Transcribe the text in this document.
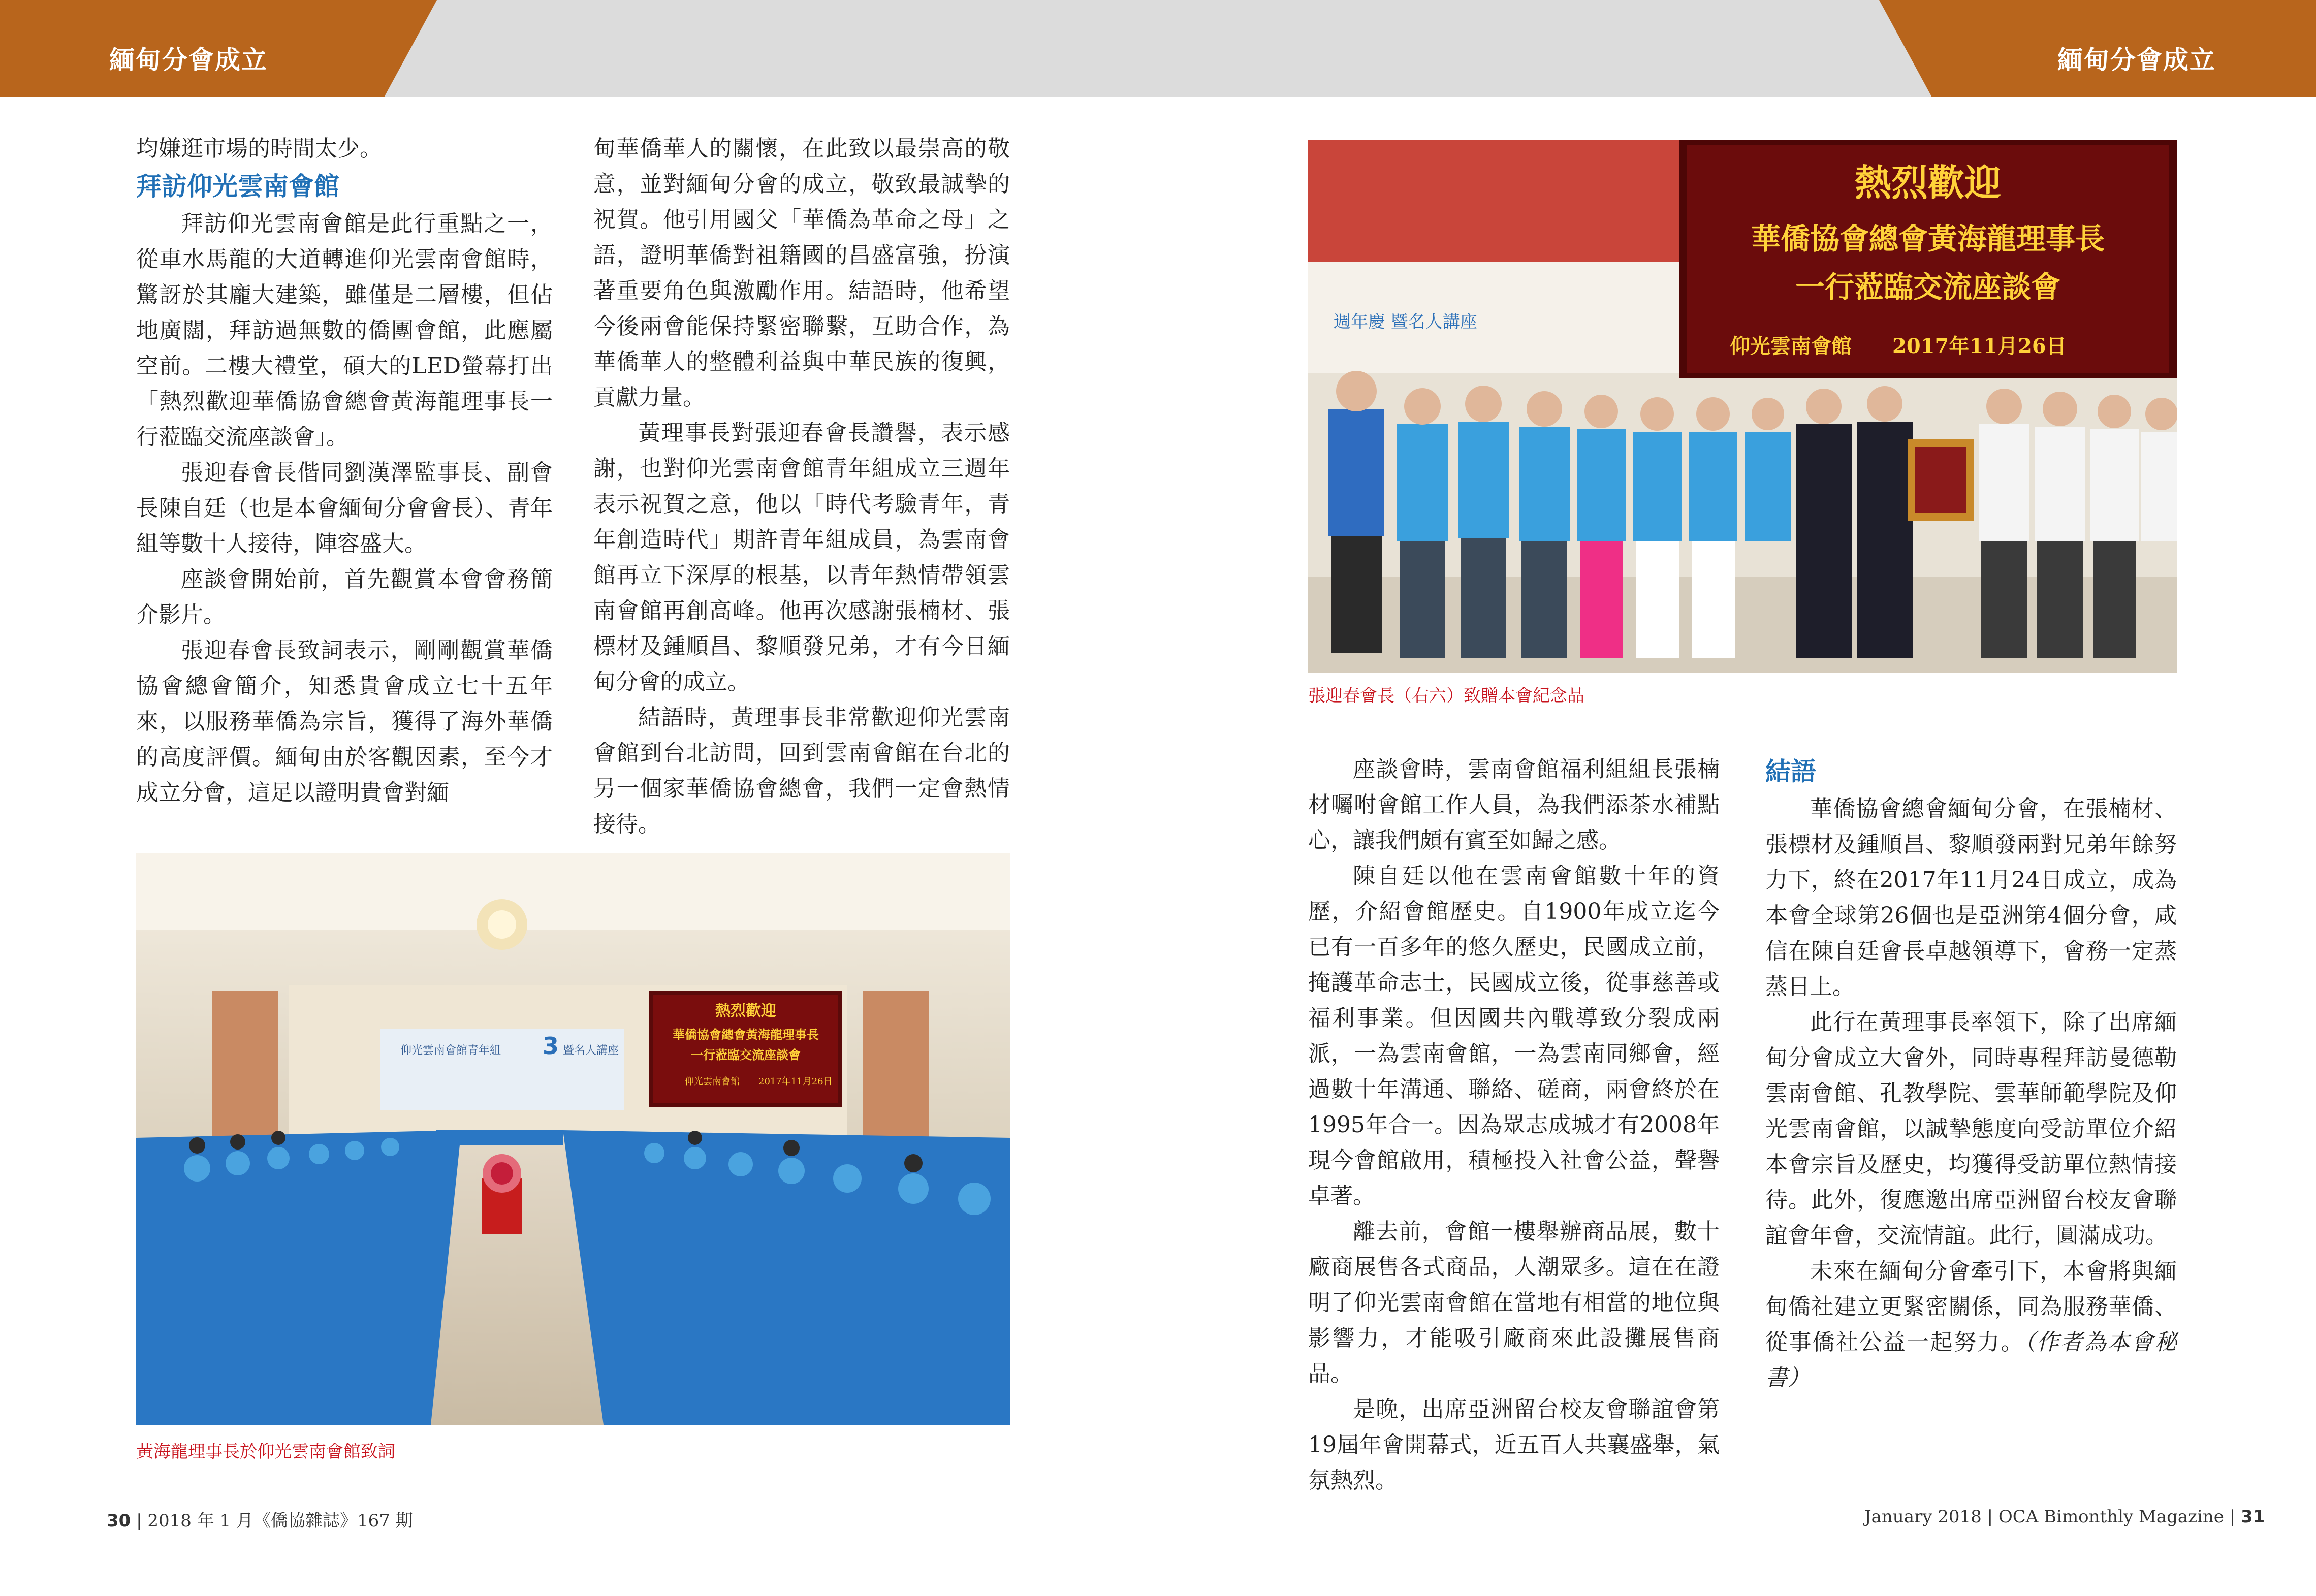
緬甸分會成立	緬甸分會成立

均嫌逛市場的時間太少。

拜訪仰光雲南會館

拜訪仰光雲南會館是此行重點之一，從車水馬龍的大道轉進仰光雲南會館時，驚訝於其龐大建築，雖僅是二層樓，但佔地廣闊，拜訪過無數的僑團會館，此應屬空前。二樓大禮堂，碩大的LED螢幕打出「熱烈歡迎華僑協會總會黃海龍理事長一行蒞臨交流座談會」。

張迎春會長偕同劉漢澤監事長、副會長陳自廷（也是本會緬甸分會會長）、青年組等數十人接待，陣容盛大。

座談會開始前，首先觀賞本會會務簡介影片。

張迎春會長致詞表示，剛剛觀賞華僑協會總會簡介，知悉貴會成立七十五年來，以服務華僑為宗旨，獲得了海外華僑的高度評價。緬甸由於客觀因素，至今才成立分會，這足以證明貴會對緬

甸華僑華人的關懷，在此致以最崇高的敬意，並對緬甸分會的成立，敬致最誠摯的祝賀。他引用國父「華僑為革命之母」之語，證明華僑對祖籍國的昌盛富強，扮演著重要角色與激勵作用。結語時，他希望今後兩會能保持緊密聯繫，互助合作，為華僑華人的整體利益與中華民族的復興，貢獻力量。

黃理事長對張迎春會長讚譽，表示感謝，也對仰光雲南會館青年組成立三週年表示祝賀之意，他以「時代考驗青年，青年創造時代」期許青年組成員，為雲南會館再立下深厚的根基，以青年熱情帶領雲南會館再創高峰。他再次感謝張楠材、張標材及鍾順昌、黎順發兄弟，才有今日緬甸分會的成立。

結語時，黃理事長非常歡迎仰光雲南會館到台北訪問，回到雲南會館在台北的另一個家華僑協會總會，我們一定會熱情接待。

仰光雲南會館青年組 3 暨名人講座
熱烈歡迎
華僑協會總會黃海龍理事長
一行蒞臨交流座談會
仰光雲南會館 2017年11月26日
黃海龍理事長於仰光雲南會館致詞
週年慶 暨名人講座
熱烈歡迎
華僑協會總會黃海龍理事長
一行蒞臨交流座談會
仰光雲南會館 2017年11月26日
張迎春會長（右六）致贈本會紀念品

座談會時，雲南會館福利組組長張楠材囑咐會館工作人員，為我們添茶水補點心，讓我們頗有賓至如歸之感。

陳自廷以他在雲南會館數十年的資歷，介紹會館歷史。自1900年成立迄今已有一百多年的悠久歷史，民國成立前，掩護革命志士，民國成立後，從事慈善或福利事業。但因國共內戰導致分裂成兩派，一為雲南會館，一為雲南同鄉會，經過數十年溝通、聯絡、磋商，兩會終於在1995年合一。因為眾志成城才有2008年現今會館啟用，積極投入社會公益，聲譽卓著。

離去前，會館一樓舉辦商品展，數十廠商展售各式商品，人潮眾多。這在在證明了仰光雲南會館在當地有相當的地位與影響力，才能吸引廠商來此設攤展售商品。

是晚，出席亞洲留台校友會聯誼會第19屆年會開幕式，近五百人共襄盛舉，氣氛熱烈。

結語

華僑協會總會緬甸分會，在張楠材、張標材及鍾順昌、黎順發兩對兄弟年餘努力下，終在2017年11月24日成立，成為本會全球第26個也是亞洲第4個分會，咸信在陳自廷會長卓越領導下，會務一定蒸蒸日上。

此行在黃理事長率領下，除了出席緬甸分會成立大會外，同時專程拜訪曼德勒雲南會館、孔教學院、雲華師範學院及仰光雲南會館，以誠摯態度向受訪單位介紹本會宗旨及歷史，均獲得受訪單位熱情接待。此外，復應邀出席亞洲留台校友會聯誼會年會，交流情誼。此行，圓滿成功。

未來在緬甸分會牽引下，本會將與緬甸僑社建立更緊密關係，同為服務華僑、從事僑社公益一起努力。（作者為本會秘書）

30 | 2018 年 1 月《僑協雜誌》167 期	January 2018 | OCA Bimonthly Magazine | 31
